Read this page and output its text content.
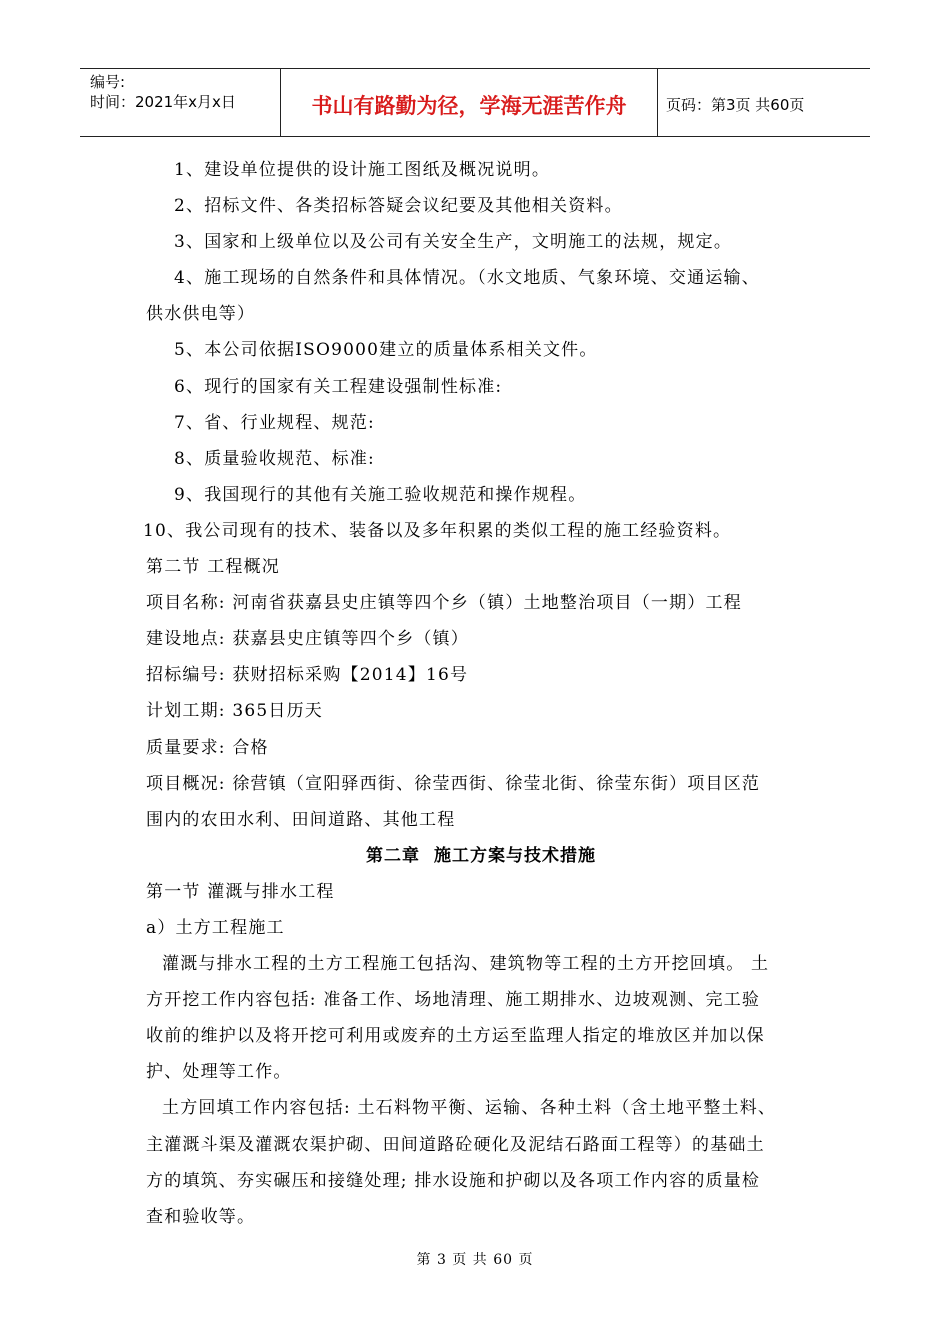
编号:
时间：2021年x月x日	书山有路勤为径，学海无涯苦作舟	页码：第3页 共60页
1、建设单位提供的设计施工图纸及概况说明。
2、招标文件、各类招标答疑会议纪要及其他相关资料。
3、国家和上级单位以及公司有关安全生产，文明施工的法规，规定。
4、施工现场的自然条件和具体情况。（水文地质、气象环境、交通运输、
供水供电等）
5、本公司依据ISO9000建立的质量体系相关文件。
6、现行的国家有关工程建设强制性标准:
7、省、行业规程、规范:
8、质量验收规范、标准:
9、我国现行的其他有关施工验收规范和操作规程。
10、我公司现有的技术、装备以及多年积累的类似工程的施工经验资料。
第二节 工程概况
项目名称: 河南省获嘉县史庄镇等四个乡（镇）土地整治项目（一期）工程
建设地点: 获嘉县史庄镇等四个乡（镇）
招标编号: 获财招标采购【2014】16号
计划工期: 365日历天
质量要求: 合格
项目概况: 徐营镇（宣阳驿西街、徐莹西街、徐莹北街、徐莹东街）项目区范
围内的农田水利、田间道路、其他工程
第二章 施工方案与技术措施
第一节 灌溉与排水工程
a）土方工程施工
灌溉与排水工程的土方工程施工包括沟、建筑物等工程的土方开挖回填。 土
方开挖工作内容包括: 准备工作、场地清理、施工期排水、边坡观测、完工验
收前的维护以及将开挖可利用或废弃的土方运至监理人指定的堆放区并加以保
护、处理等工作。
土方回填工作内容包括: 土石料物平衡、运输、各种土料（含土地平整土料、
主灌溉斗渠及灌溉农渠护砌、田间道路砼硬化及泥结石路面工程等）的基础土
方的填筑、夯实碾压和接缝处理; 排水设施和护砌以及各项工作内容的质量检
查和验收等。
第 3 页 共 60 页
